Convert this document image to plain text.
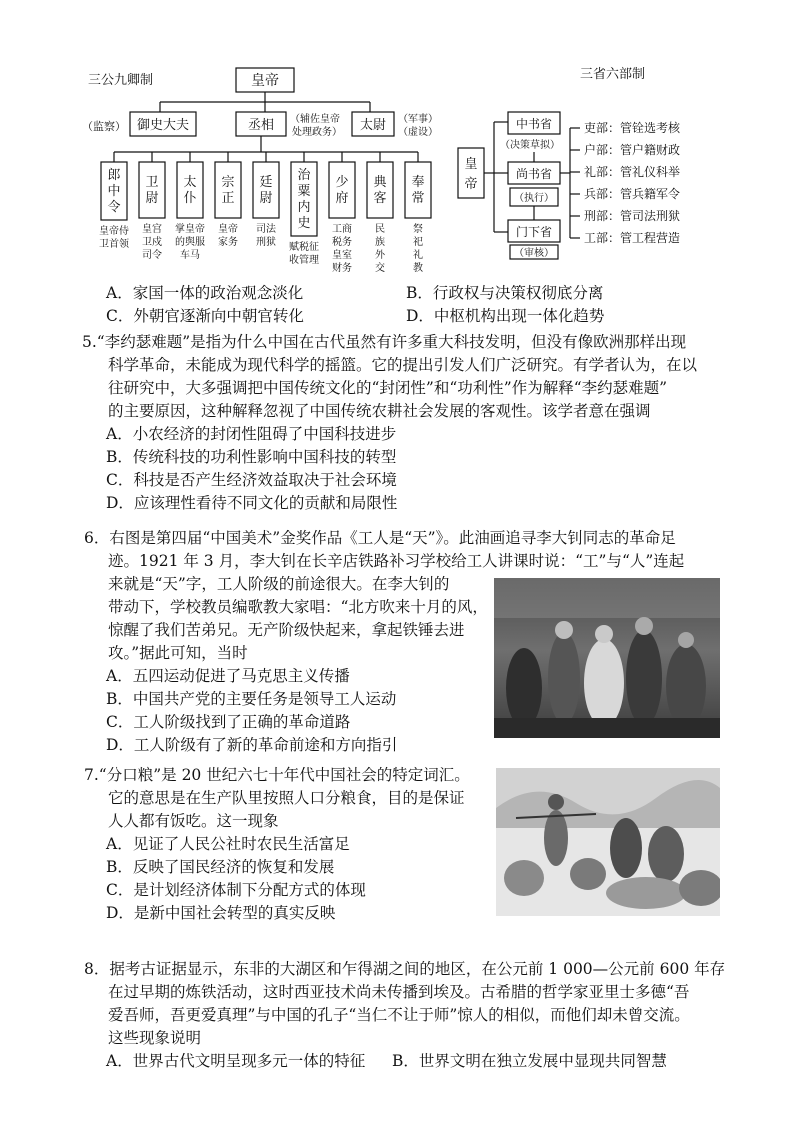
三公九卿制	皇帝
御史大夫
（监察）	丞相 （辅佐皇帝
处理政务） 太尉 （军事）
（虚设）
郎
中
令
皇帝侍
卫首领
卫
尉
皇宫
卫戍
司令
太
仆
掌皇帝
的舆服
车马
宗
正
皇帝
家务
廷
尉
司法
刑狱
治
粟
内
史
赋税征
收管理
少
府
工商
税务
皇室
财务
典
客
民
族
外
交
奉
常
祭
祀
礼
教
三省六部制
皇
帝
中书省
（决策草拟）
尚书省
（执行）
门下省
（审核）
吏部：管铨选考核
户部：管户籍财政
礼部：管礼仪科举
兵部：管兵籍军令
刑部：管司法刑狱
工部：管工程营造
A．家国一体的政治观念淡化	B．行政权与决策权彻底分离
C．外朝官逐渐向中朝官转化	D．中枢机构出现一体化趋势
5.“李约瑟难题”是指为什么中国在古代虽然有许多重大科技发明，但没有像欧洲那样出现
科学革命，未能成为现代科学的摇篮。它的提出引发人们广泛研究。有学者认为，在以
往研究中，大多强调把中国传统文化的“封闭性”和“功利性”作为解释“李约瑟难题”
的主要原因，这种解释忽视了中国传统农耕社会发展的客观性。该学者意在强调
A．小农经济的封闭性阻碍了中国科技进步
B．传统科技的功利性影响中国科技的转型
C．科技是否产生经济效益取决于社会环境
D．应该理性看待不同文化的贡献和局限性
6．右图是第四届“中国美术”金奖作品《工人是“天”》。此油画追寻李大钊同志的革命足
迹。1921 年 3 月，李大钊在长辛店铁路补习学校给工人讲课时说：“工”与“人”连起
来就是“天”字，工人阶级的前途很大。在李大钊的
带动下，学校教员编歌教大家唱：“北方吹来十月的风，
惊醒了我们苦弟兄。无产阶级快起来，拿起铁锤去进
攻。”据此可知，当时
A．五四运动促进了马克思主义传播
B．中国共产党的主要任务是领导工人运动
C．工人阶级找到了正确的革命道路
D．工人阶级有了新的革命前途和方向指引
7.“分口粮”是 20 世纪六七十年代中国社会的特定词汇。
它的意思是在生产队里按照人口分粮食，目的是保证
人人都有饭吃。这一现象
A．见证了人民公社时农民生活富足
B．反映了国民经济的恢复和发展
C．是计划经济体制下分配方式的体现
D．是新中国社会转型的真实反映
8．据考古证据显示，东非的大湖区和乍得湖之间的地区，在公元前 1 000—公元前 600 年存
在过早期的炼铁活动，这时西亚技术尚未传播到埃及。古希腊的哲学家亚里士多德“吾
爱吾师，吾更爱真理”与中国的孔子“当仁不让于师”惊人的相似，而他们却未曾交流。
这些现象说明
A．世界古代文明呈现多元一体的特征	B．世界文明在独立发展中显现共同智慧
